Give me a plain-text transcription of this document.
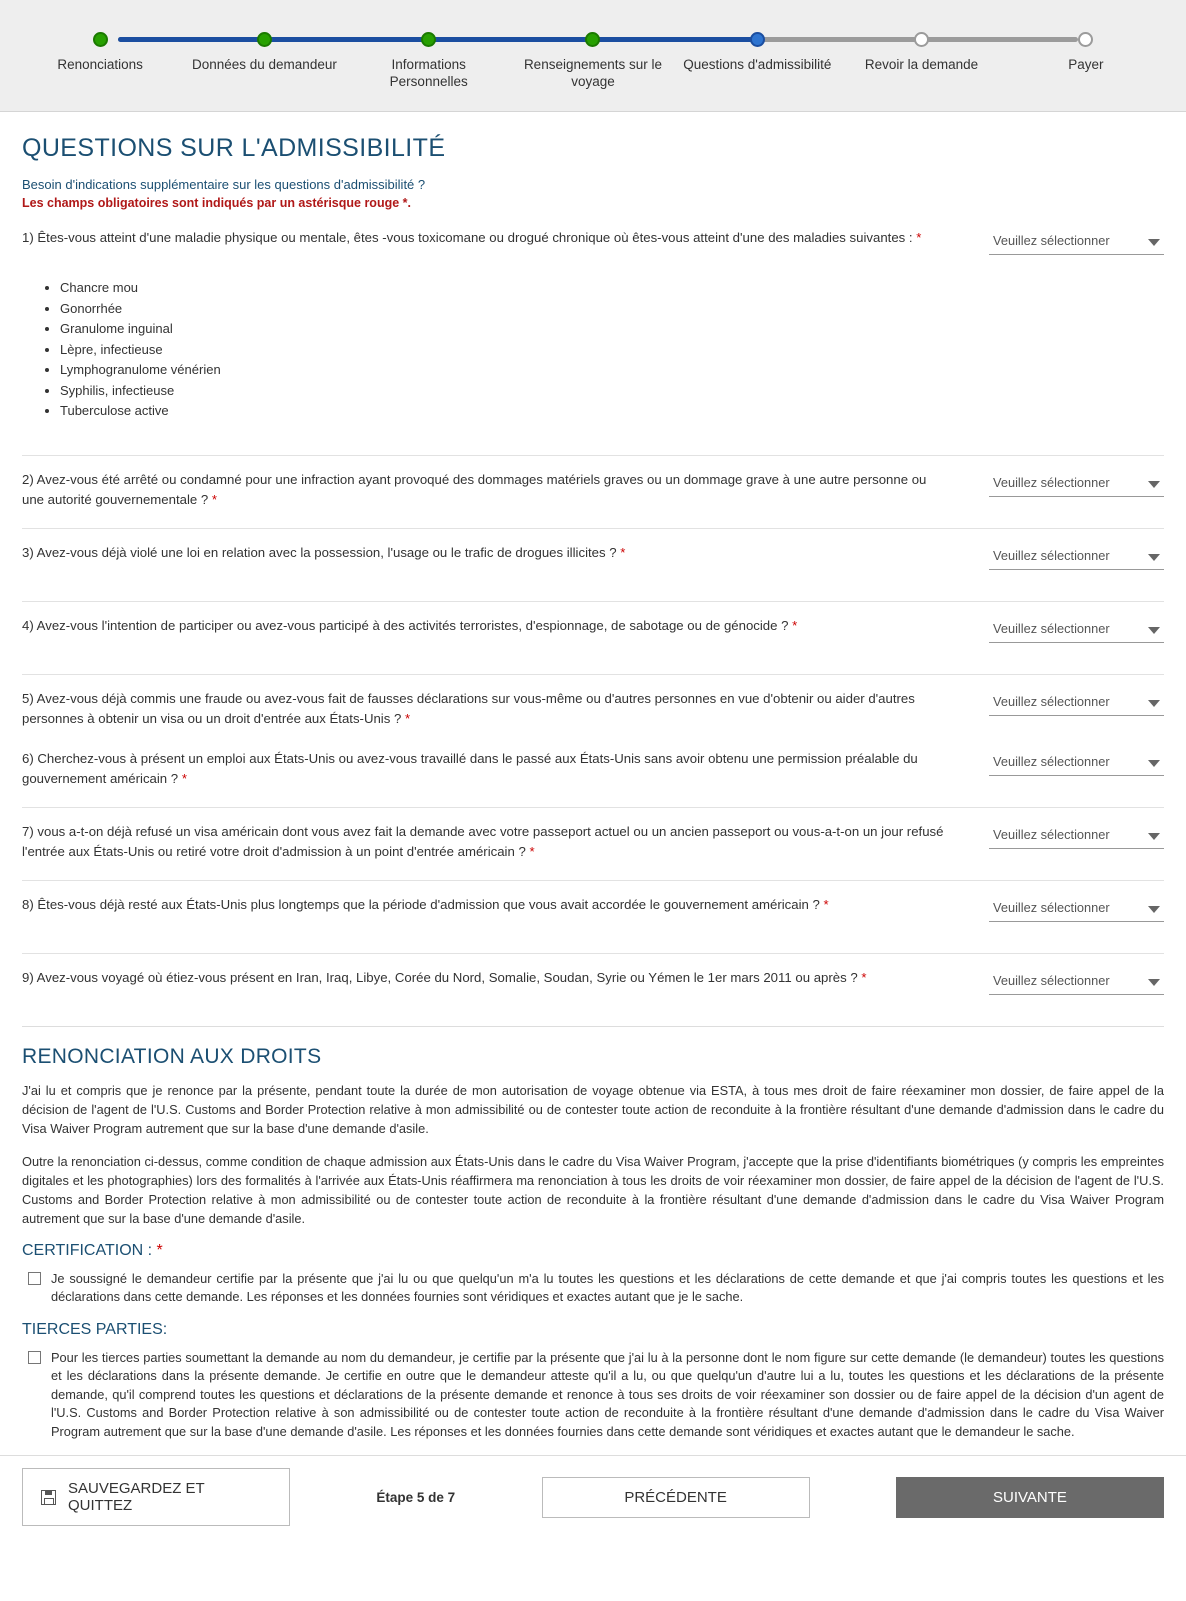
Renonciations	Données du demandeur	Informations Personnelles
Renseignements sur le voyage
Questions d'admissibilité	Revoir la demande	Payer
QUESTIONS SUR L'ADMISSIBILITÉ
Besoin d'indications supplémentaire sur les questions d'admissibilité ?
Les champs obligatoires sont indiqués par un astérisque rouge *.
1) Êtes-vous atteint d'une maladie physique ou mentale, êtes -vous toxicomane ou drogué chronique où êtes-vous atteint d'une des maladies suivantes : *	Veuillez sélectionner
• Chancre mou
• Gonorrhée
• Granulome inguinal
• Lèpre, infectieuse
• Lymphogranulome vénérien
• Syphilis, infectieuse
• Tuberculose active
2) Avez-vous été arrêté ou condamné pour une infraction ayant provoqué des dommages matériels graves ou un dommage grave à une autre personne ou une autorité gouvernementale ? *
Veuillez sélectionner
3) Avez-vous déjà violé une loi en relation avec la possession, l'usage ou le trafic de drogues illicites ? *	Veuillez sélectionner
4) Avez-vous l'intention de participer ou avez-vous participé à des activités terroristes, d'espionnage, de sabotage ou de génocide ? *	Veuillez sélectionner
5) Avez-vous déjà commis une fraude ou avez-vous fait de fausses déclarations sur vous-même ou d'autres personnes en vue d'obtenir ou aider d'autres personnes à obtenir un visa ou un droit d'entrée aux États-Unis ? *
Veuillez sélectionner
6) Cherchez-vous à présent un emploi aux États-Unis ou avez-vous travaillé dans le passé aux États-Unis sans avoir obtenu une permission préalable du gouvernement américain ? *
Veuillez sélectionner
7) vous a-t-on déjà refusé un visa américain dont vous avez fait la demande avec votre passeport actuel ou un ancien passeport ou vous-a-t-on un jour refusé l'entrée aux États-Unis ou retiré votre droit d'admission à un point d'entrée américain ? *
Veuillez sélectionner
8) Êtes-vous déjà resté aux États-Unis plus longtemps que la période d'admission que vous avait accordée le gouvernement américain ? *	Veuillez sélectionner
9) Avez-vous voyagé où étiez-vous présent en Iran, Iraq, Libye, Corée du Nord, Somalie, Soudan, Syrie ou Yémen le 1er mars 2011 ou après ? *	Veuillez sélectionner
RENONCIATION AUX DROITS

J'ai lu et compris que je renonce par la présente, pendant toute la durée de mon autorisation de voyage obtenue via ESTA, à tous mes droit de faire réexaminer mon dossier, de faire appel de la décision de l'agent de l'U.S. Customs and Border Protection relative à mon admissibilité ou de contester toute action de reconduite à la frontière résultant d'une demande d'admission dans le cadre du Visa Waiver Program autrement que sur la base d'une demande d'asile.

Outre la renonciation ci-dessus, comme condition de chaque admission aux États-Unis dans le cadre du Visa Waiver Program, j'accepte que la prise d'identifiants biométriques (y compris les empreintes digitales et les photographies) lors des formalités à l'arrivée aux États-Unis réaffirmera ma renonciation à tous les droits de voir réexaminer mon dossier, de faire appel de la décision de l'agent de l'U.S. Customs and Border Protection relative à mon admissibilité ou de contester toute action de reconduite à la frontière résultant d'une demande d'admission dans le cadre du Visa Waiver Program autrement que sur la base d'une demande d'asile.

CERTIFICATION : *
Je soussigné le demandeur certifie par la présente que j'ai lu ou que quelqu'un m'a lu toutes les questions et les déclarations de cette demande et que j'ai compris toutes les questions et les déclarations dans cette demande. Les réponses et les données fournies sont véridiques et exactes autant que je le sache.
TIERCES PARTIES:
Pour les tierces parties soumettant la demande au nom du demandeur, je certifie par la présente que j'ai lu à la personne dont le nom figure sur cette demande (le demandeur) toutes les questions et les déclarations dans la présente demande. Je certifie en outre que le demandeur atteste qu'il a lu, ou que quelqu'un d'autre lui a lu, toutes les questions et les déclarations de la présente demande, qu'il comprend toutes les questions et déclarations de la présente demande et renonce à tous ses droits de voir réexaminer son dossier ou de faire appel de la décision d'un agent de l'U.S. Customs and Border Protection relative à son admissibilité ou de contester toute action de reconduite à la frontière résultant d'une demande d'admission dans le cadre du Visa Waiver Program autrement que sur la base d'une demande d'asile. Les réponses et les données fournies dans cette demande sont véridiques et exactes autant que le demandeur le sache.
SAUVEGARDEZ ET QUITTEZ	Étape 5 de 7	PRÉCÉDENTE	SUIVANTE
